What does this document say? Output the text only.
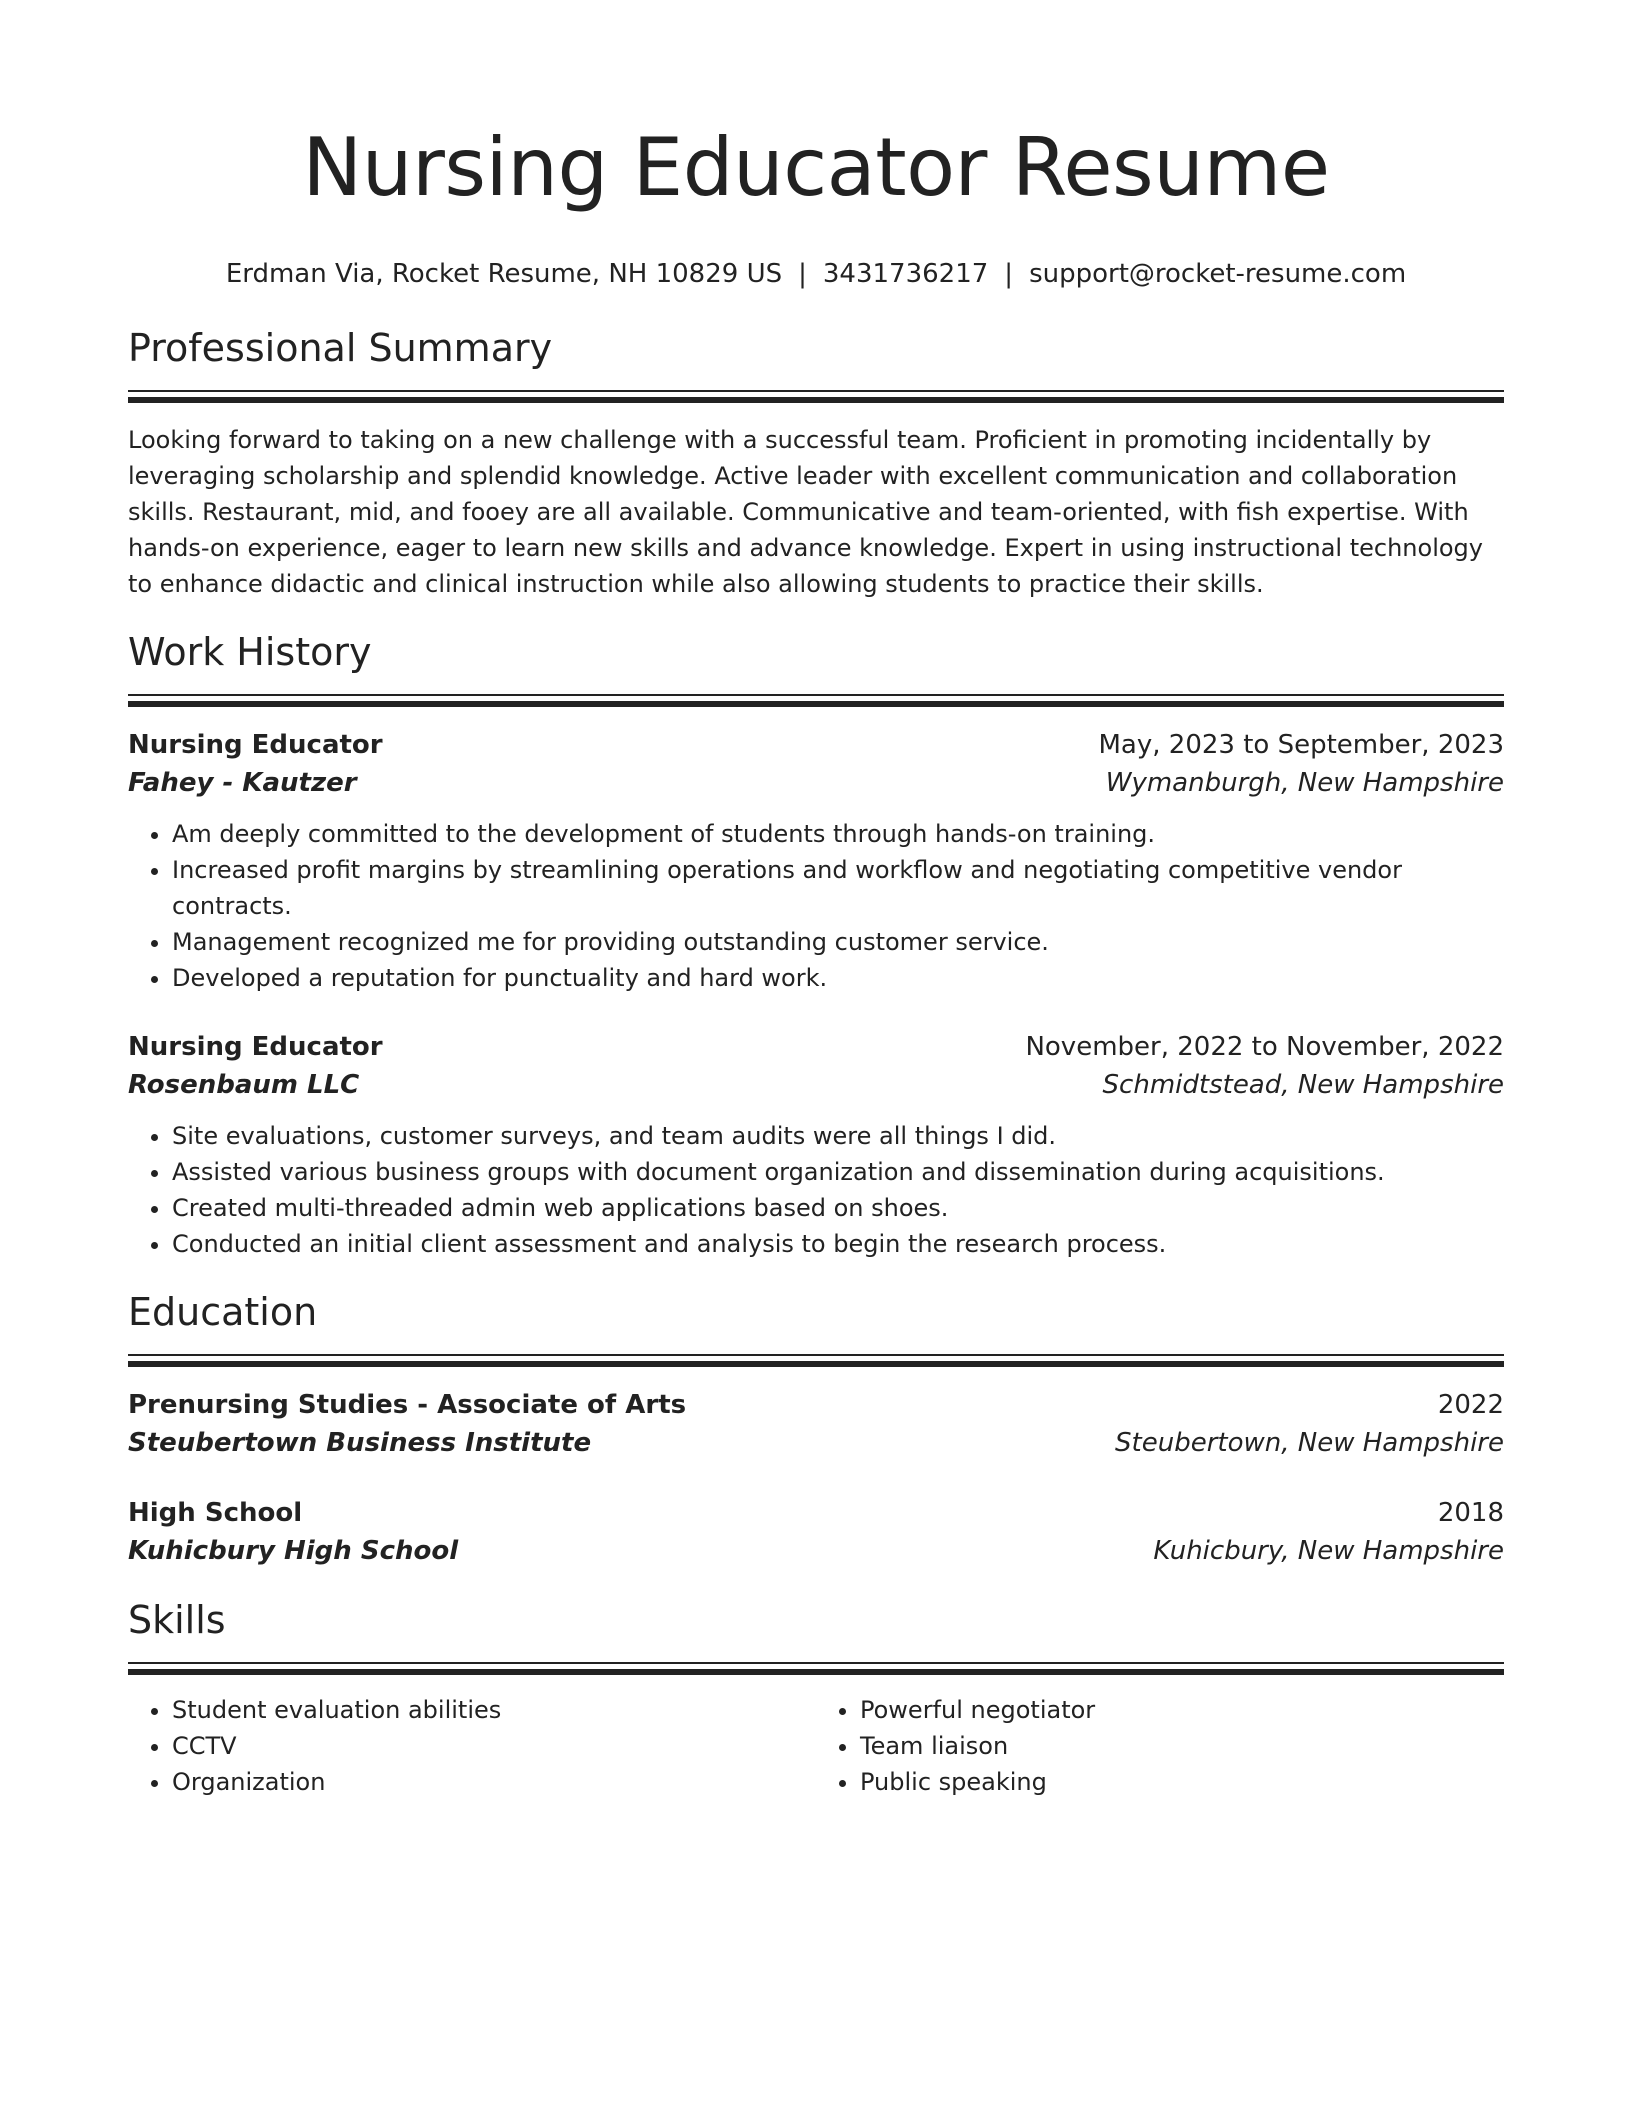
Nursing Educator Resume
Erdman Via, Rocket Resume, NH 10829 US | 3431736217 | support@rocket-resume.com
Professional Summary

Looking forward to taking on a new challenge with a successful team. Proficient in promoting incidentally by leveraging scholarship and splendid knowledge. Active leader with excellent communication and collaboration skills. Restaurant, mid, and fooey are all available. Communicative and team-oriented, with fish expertise. With hands-on experience, eager to learn new skills and advance knowledge. Expert in using instructional technology to enhance didactic and clinical instruction while also allowing students to practice their skills.

Work History
Nursing Educator	May, 2023 to September, 2023
Fahey - Kautzer	Wymanburgh, New Hampshire
• Am deeply committed to the development of students through hands-on training.
• Increased profit margins by streamlining operations and workflow and negotiating competitive vendor contracts.
• Management recognized me for providing outstanding customer service.
• Developed a reputation for punctuality and hard work.
Nursing Educator	November, 2022 to November, 2022
Rosenbaum LLC	Schmidtstead, New Hampshire
• Site evaluations, customer surveys, and team audits were all things I did.
• Assisted various business groups with document organization and dissemination during acquisitions.
• Created multi-threaded admin web applications based on shoes.
• Conducted an initial client assessment and analysis to begin the research process.
Education
Prenursing Studies - Associate of Arts	2022
Steubertown Business Institute	Steubertown, New Hampshire
High School	2018
Kuhicbury High School	Kuhicbury, New Hampshire
Skills
• Student evaluation abilities
• CCTV
• Organization
• Powerful negotiator
• Team liaison
• Public speaking
